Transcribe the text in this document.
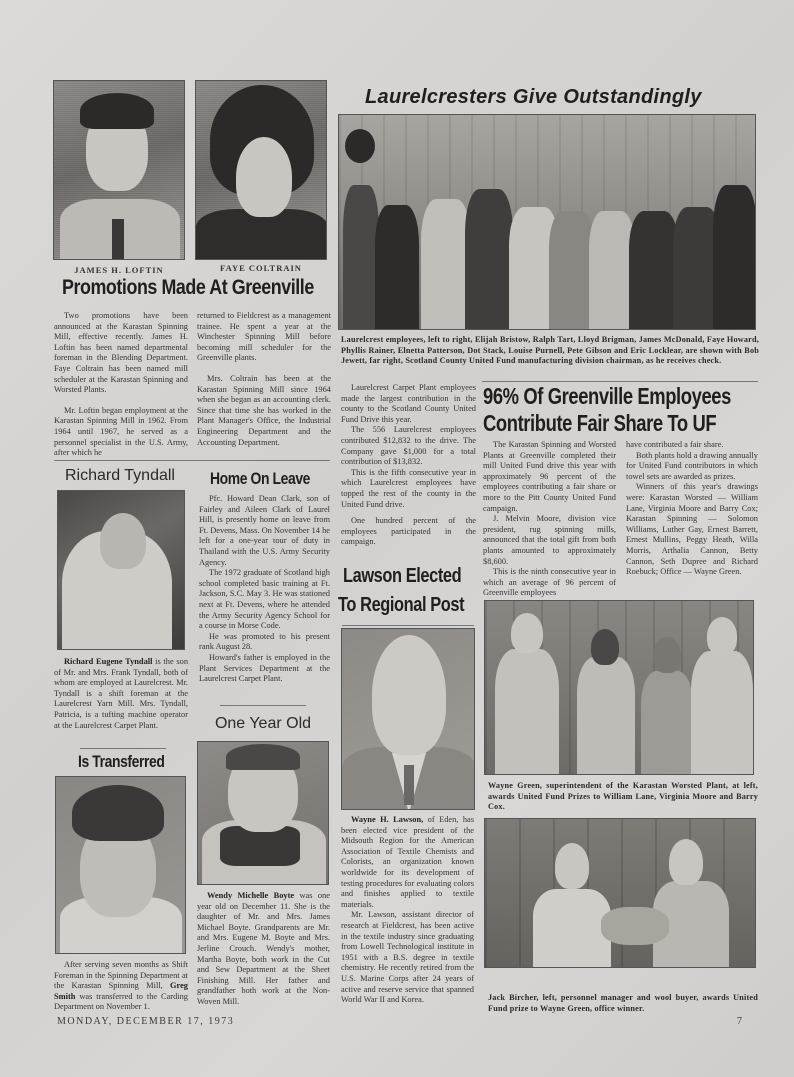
JAMES H. LOFTIN	FAYE COLTRAIN
Promotions Made At Greenville

Two promotions have been announced at the Karastan Spinning Mill, effective recently. James H. Loftin has been named departmental foreman in the Blending Department. Faye Coltrain has been named mill scheduler at the Karastan Spinning and Worsted Plants.

Mr. Loftin began employment at the Karastan Spinning Mill in 1962. From 1964 until 1967, he served as a personnel specialist in the U.S. Army, after which he

returned to Fieldcrest as a management trainee. He spent a year at the Winchester Spinning Mill before becoming mill scheduler for the Greenville plants.

Mrs. Coltrain has been at the Karastan Spinning Mill since 1964 when she began as an accounting clerk. Since that time she has worked in the Plant Manager's Office, the Industrial Engineering Department and the Accounting Department.

Laurelcresters Give Outstandingly
Laurelcrest employees, left to right, Elijah Bristow, Ralph Tart, Lloyd Brigman, James McDonald, Faye Howard, Phyllis Rainer, Elnetta Patterson, Dot Stack, Louise Purnell, Pete Gibson and Eric Locklear, are shown with Bob Jewett, far right, Scotland County United Fund manufacturing division chairman, as he receives check.

Laurelcrest Carpet Plant employees made the largest contribution in the county to the Scotland County United Fund Drive this year.

The 556 Laurelcrest employees contributed $12,832 to the drive. The Company gave $1,000 for a total contribution of $13,832.

This is the fifth consecutive year in which Laurelcrest employees have topped the rest of the county in the United Fund drive.

One hundred percent of the employees participated in the campaign.

96% Of Greenville Employees
Contribute Fair Share To UF

The Karastan Spinning and Worsted Plants at Greenville completed their mill United Fund drive this year with approximately 96 percent of the employees contributing a fair share or more to the Pitt County United Fund campaign.

J. Melvin Moore, division vice president, rug spinning mills, announced that the total gift from both plants amounted to approximately $8,600.

This is the ninth consecutive year in which an average of 96 percent of Greenville employees

have contributed a fair share.

Both plants hold a drawing annually for United Fund contributors in which towel sets are awarded as prizes.

Winners of this year's drawings were: Karastan Worsted — William Lane, Virginia Moore and Barry Cox; Karastan Spinning — Solomon Williams, Luther Gay, Ernest Barrett, Ernest Mullins, Peggy Heath, Willa Morris, Arthalia Cannon, Betty Cannon, Seth Dupree and Richard Roebuck; Office — Wayne Green.

Wayne Green, superintendent of the Karastan Worsted Plant, at left, awards United Fund Prizes to William Lane, Virginia Moore and Barry Cox.
Jack Bircher, left, personnel manager and wool buyer, awards United Fund prize to Wayne Green, office winner.
Richard Tyndall

Richard Eugene Tyndall is the son of Mr. and Mrs. Frank Tyndall, both of whom are employed at Laurelcrest. Mr. Tyndall is a shift foreman at the Laurelcrest Yarn Mill. Mrs. Tyndall, Patricia, is a tufting machine operator at the Laurelcrest Carpet Plant.

Is Transferred

After serving seven months as Shift Foreman in the Spinning Department at the Karastan Spinning Mill, Greg Smith was transferred to the Carding Department on November 1.

Home On Leave

Pfc. Howard Dean Clark, son of Fairley and Aileen Clark of Laurel Hill, is presently home on leave from Ft. Devens, Mass. On November 14 he left for a one-year tour of duty in Thailand with the U.S. Army Security Agency.

The 1972 graduate of Scotland high school completed basic training at Ft. Jackson, S.C. May 3. He was stationed next at Ft. Devens, where he attended the Army Security Agency School for a course in Morse Code.

He was promoted to his present rank August 28.

Howard's father is employed in the Plant Services Department at the Laurelcrest Carpet Plant.

One Year Old

Wendy Michelle Boyte was one year old on December 11. She is the daughter of Mr. and Mrs. James Michael Boyte. Grandparents are Mr. and Mrs. Eugene M. Boyte and Mrs. Jerline Crouch. Wendy's mother, Martha Boyte, both work in the Cut and Sew Department at the Sheet Finishing Mill. Her father and grandfather both work at the Non-Woven Mill.

Lawson Elected
To Regional Post

Wayne H. Lawson, of Eden, has been elected vice president of the Midsouth Region for the American Association of Textile Chemists and Colorists, an organization known worldwide for its development of testing procedures for evaluating colors and finishes applied to textile materials.

Mr. Lawson, assistant director of research at Fieldcrest, has been active in the textile industry since graduating from Lowell Technological institute in 1951 with a B.S. degree in textile chemistry. He recently retired from the U.S. Marine Corps after 24 years of active and reserve service that spanned World War II and Korea.

MONDAY, DECEMBER 17, 1973	7
